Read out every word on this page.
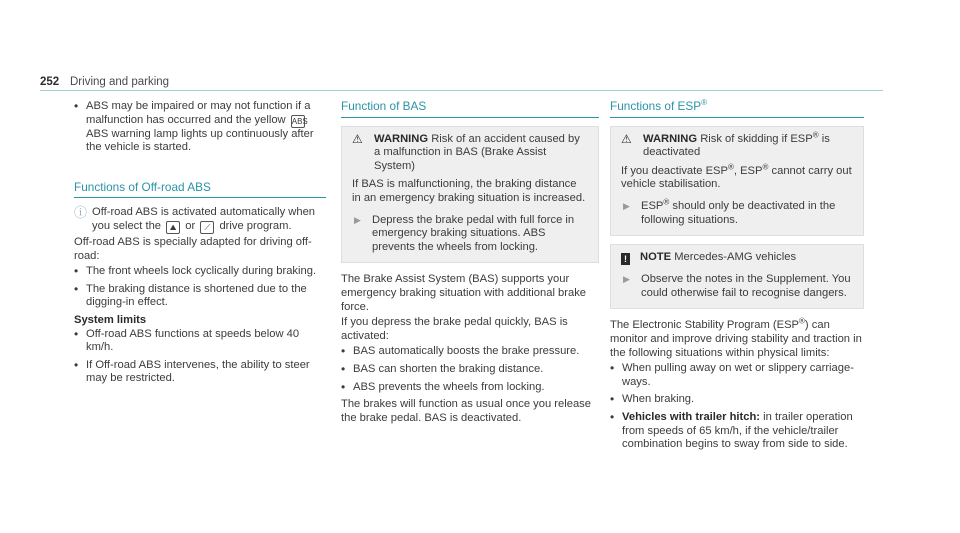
252 Driving and parking
• ABS may be impaired or may not function if a malfunction has occurred and the yellow ABS ABS warning lamp lights up continuously after the vehicle is started.
Functions of Off-road ABS
ⓘ Off-road ABS is activated automatically when you select the ⛰ or ⟋ drive program.
Off-road ABS is specially adapted for driving off-road:
• The front wheels lock cyclically during braking.
• The braking distance is shortened due to the digging-in effect.
System limits
• Off-road ABS functions at speeds below 40 km/h.
• If Off-road ABS intervenes, the ability to steer may be restricted.
Function of BAS
⚠ WARNING Risk of an accident caused by a malfunction in BAS (Brake Assist System)
If BAS is malfunctioning, the braking distance in an emergency braking situation is increased.
▶ Depress the brake pedal with full force in emergency braking situations. ABS prevents the wheels from locking.
The Brake Assist System (BAS) supports your emergency braking situation with additional brake force.
If you depress the brake pedal quickly, BAS is activated:
• BAS automatically boosts the brake pressure.
• BAS can shorten the braking distance.
• ABS prevents the wheels from locking.
The brakes will function as usual once you release the brake pedal. BAS is deactivated.
Functions of ESP®
⚠ WARNING Risk of skidding if ESP® is deactivated
If you deactivate ESP®, ESP® cannot carry out vehicle stabilisation.
▶ ESP® should only be deactivated in the following situations.
! NOTE Mercedes-AMG vehicles
▶ Observe the notes in the Supplement. You could otherwise fail to recognise dangers.
The Electronic Stability Program (ESP®) can monitor and improve driving stability and traction in the following situations within physical limits:
• When pulling away on wet or slippery carriage-ways.
• When braking.
• Vehicles with trailer hitch: in trailer operation from speeds of 65 km/h, if the vehicle/trailer combination begins to sway from side to side.
